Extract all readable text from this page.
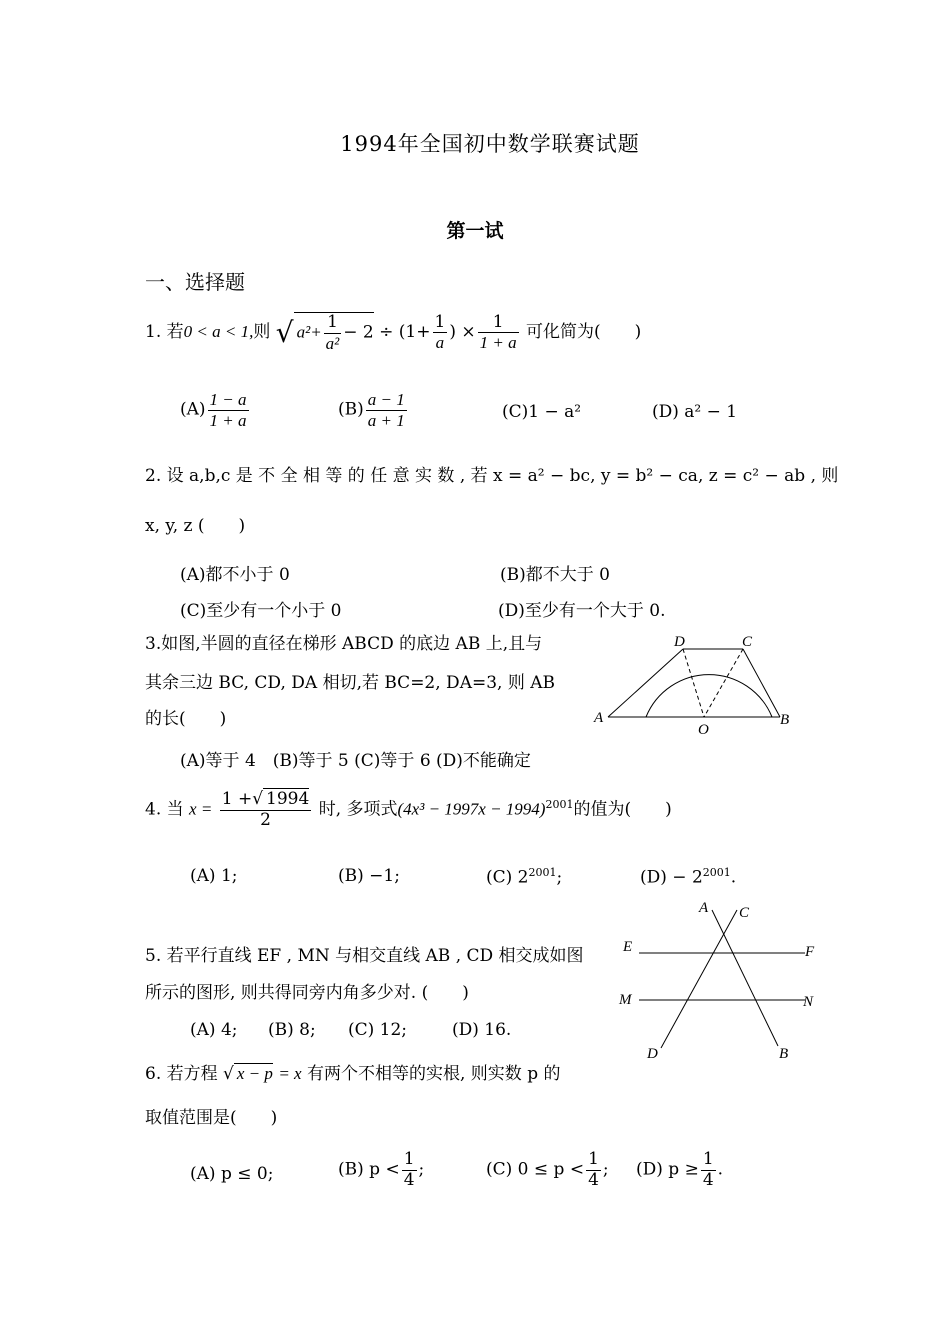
1994年全国初中数学联赛试题
第一试
一、选择题
1. 若0 < a < 1,则 √ $a^2+ \frac{1}{\text{a²}} - 2 \div (1+ \frac{1}{a}$ ) × $\frac{1}{1 + a}$ 可化简为(　　)
$(A) \frac{1 - a}{1 + a}$	$(B) \frac{a - 1}{a + 1}$	(C)1 − a²	(D) a² − 1
2. 设 a,b,c 是 不 全 相 等 的 任 意 实 数 , 若 x = a² − bc, y = b² − ca, z = c² − ab , 则
x, y, z (　　)
(A)都不小于 0	(B)都不大于 0
(C)至少有一个小于 0	(D)至少有一个大于 0.
3.如图,半圆的直径在梯形 ABCD 的底边 AB 上,且与
其余三边 BC, CD, DA 相切,若 BC=2, DA=3, 则 AB
的长(　　)
(A)等于 4　(B)等于 5 (C)等于 6 (D)不能确定
D	C
A
O
B
4. 当 $x = \frac{1 +√ 1994}{2}$ 时, 多项式$(4x^3 - 1997x - 1994)^{2001}$的值为(　　)
(A) 1;	(B) −1;	(C) $2^{2001}$;	$(D) - 2^{2001}$.
A C
E	F
M	N
D	B
5. 若平行直线 EF , MN 与相交直线 AB , CD 相交成如图
所示的图形, 则共得同旁内角多少对. (　　)
(A) 4; (B) 8; (C) 12;	(D) 16.
6. 若方程 √ x − p = x 有两个不相等的实根, 则实数 p 的
取值范围是(　　)
(A) p ≤ 0;	(B) $p < \frac{1}{4}$ ;	(C) $0 \le p < \frac{1}{4}$ ; (D) $p \ge \frac{1}{4}$ .
